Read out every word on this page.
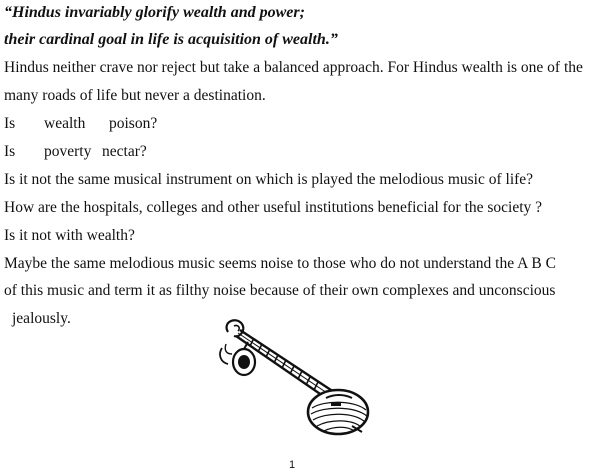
“Hindus invariably glorify wealth and power;
their cardinal goal in life is acquisition of wealth.”
Hindus neither crave nor reject but take a balanced approach. For Hindus wealth is one of the
many roads of life but never a destination.
Is wealth poison?
Is poverty nectar?
Is it not the same musical instrument on which is played the melodious music of life?
How are the hospitals, colleges and other useful institutions beneficial for the society ?
Is it not with wealth?
Maybe the same melodious music seems noise to those who do not understand the A B C
of this music and term it as filthy noise because of their own complexes and unconscious
jealously.
1
